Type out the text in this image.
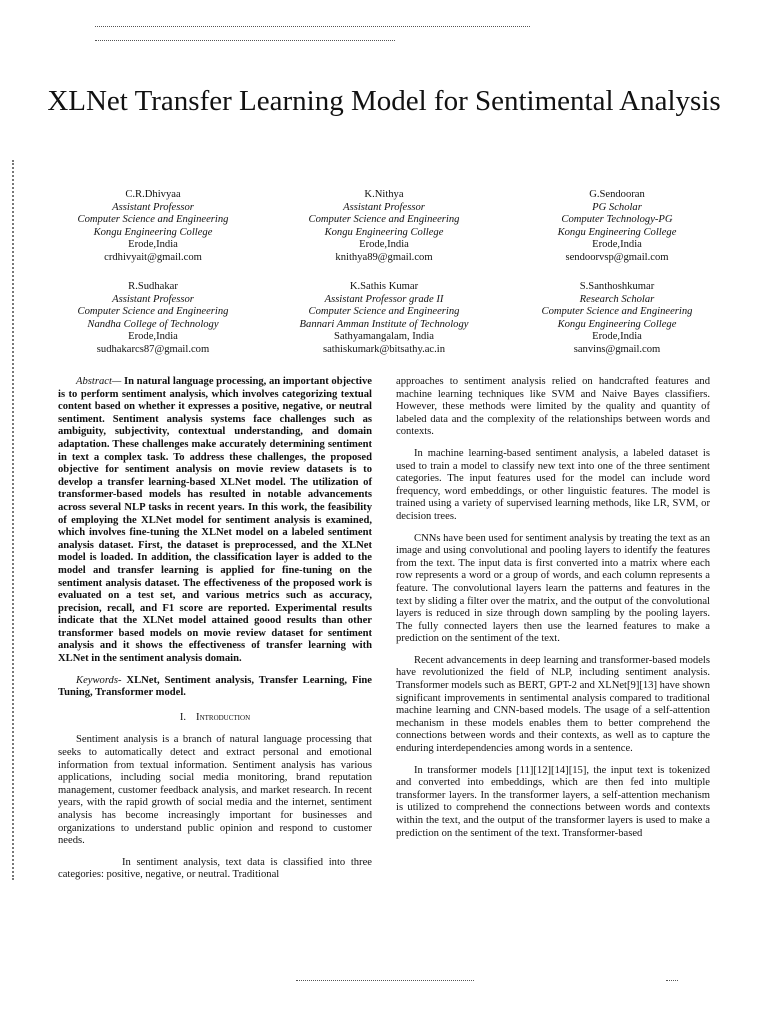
XLNet Transfer Learning Model for Sentimental Analysis
C.R.Dhivyaa
Assistant Professor
Computer Science and Engineering
Kongu Engineering College
Erode,India
crdhivyait@gmail.com
K.Nithya
Assistant Professor
Computer Science and Engineering
Kongu Engineering College
Erode,India
knithya89@gmail.com
G.Sendooran
PG Scholar
Computer Technology-PG
Kongu Engineering College
Erode,India
sendoorvsp@gmail.com
R.Sudhakar
Assistant Professor
Computer Science and Engineering
Nandha College of Technology
Erode,India
sudhakarcs87@gmail.com
K.Sathis Kumar
Assistant Professor grade II
Computer Science and Engineering
Bannari Amman Institute of Technology
Sathyamangalam, India
sathiskumark@bitsathy.ac.in
S.Santhoshkumar
Research Scholar
Computer Science and Engineering
Kongu Engineering College
Erode,India
sanvins@gmail.com

Abstract— In natural language processing, an important objective is to perform sentiment analysis, which involves categorizing textual content based on whether it expresses a positive, negative, or neutral sentiment. Sentiment analysis systems face challenges such as ambiguity, subjectivity, contextual understanding, and domain adaptation. These challenges make accurately determining sentiment in text a complex task. To address these challenges, the proposed objective for sentiment analysis on movie review datasets is to develop a transfer learning-based XLNet model. The utilization of transformer-based models has resulted in notable advancements across several NLP tasks in recent years. In this work, the feasibility of employing the XLNet model for sentiment analysis is examined, which involves fine-tuning the XLNet model on a labeled sentiment analysis dataset. First, the dataset is preprocessed, and the XLNet model is loaded. In addition, the classification layer is added to the model and transfer learning is applied for fine-tuning on the sentiment analysis dataset. The effectiveness of the proposed work is evaluated on a test set, and various metrics such as accuracy, precision, recall, and F1 score are reported. Experimental results indicate that the XLNet model attained goood results than other transformer based models on movie review dataset for sentiment analysis and it shows the effectiveness of transfer learning with XLNet in the sentiment analysis domain.

Keywords- XLNet, Sentiment analysis, Transfer Learning, Fine Tuning, Transformer model.

I. Introduction

Sentiment analysis is a branch of natural language processing that seeks to automatically detect and extract personal and emotional information from textual information. Sentiment analysis has various applications, including social media monitoring, brand reputation management, customer feedback analysis, and market research. In recent years, with the rapid growth of social media and the internet, sentiment analysis has become increasingly important for businesses and organizations to understand public opinion and respond to customer needs.

In sentiment analysis, text data is classified into three categories: positive, negative, or neutral. Traditional

approaches to sentiment analysis relied on handcrafted features and machine learning techniques like SVM and Naive Bayes classifiers. However, these methods were limited by the quality and quantity of labeled data and the complexity of the relationships between words and contexts.

In machine learning-based sentiment analysis, a labeled dataset is used to train a model to classify new text into one of the three sentiment categories. The input features used for the model can include word frequency, word embeddings, or other linguistic features. The model is trained using a variety of supervised learning methods, like LR, SVM, or decision trees.

CNNs have been used for sentiment analysis by treating the text as an image and using convolutional and pooling layers to identify the features from the text. The input data is first converted into a matrix where each row represents a word or a group of words, and each column represents a feature. The convolutional layers learn the patterns and features in the text by sliding a filter over the matrix, and the output of the convolutional layers is reduced in size through down sampling by the pooling layers. The fully connected layers then use the learned features to make a prediction on the sentiment of the text.

Recent advancements in deep learning and transformer-based models have revolutionized the field of NLP, including sentiment analysis. Transformer models such as BERT, GPT-2 and XLNet[9][13] have shown significant improvements in sentimental analysis compared to traditional machine learning and CNN-based models. The usage of a self-attention mechanism in these models enables them to better comprehend the connections between words and their contexts, as well as to capture the enduring interdependencies among words in a sentence.

In transformer models [11][12][14][15], the input text is tokenized and converted into embeddings, which are then fed into multiple transformer layers. In the transformer layers, a self-attention mechanism is utilized to comprehend the connections between words and contexts within the text, and the output of the transformer layers is used to make a prediction on the sentiment of the text. Transformer-based
